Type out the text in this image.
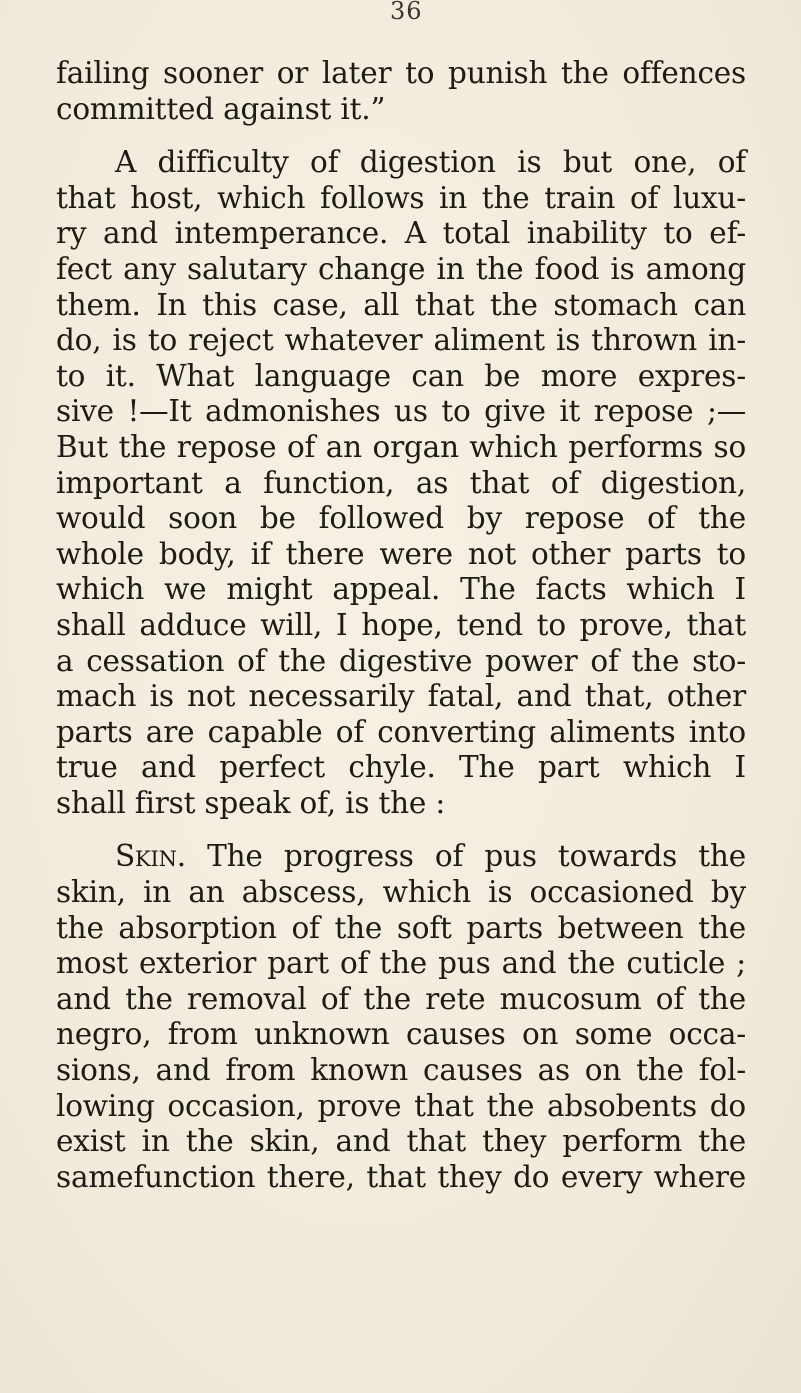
36
failing sooner or later to punish the offences
committed against it.”
A difficulty of digestion is but one, of
that host, which follows in the train of luxu-
ry and intemperance. A total inability to ef-
fect any salutary change in the food is among
them. In this case, all that the stomach can
do, is to reject whatever aliment is thrown in-
to it. What language can be more expres-
sive !—It admonishes us to give it repose ;—
But the repose of an organ which performs so
important a function, as that of digestion,
would soon be followed by repose of the
whole body, if there were not other parts to
which we might appeal. The facts which I
shall adduce will, I hope, tend to prove, that
a cessation of the digestive power of the sto-
mach is not necessarily fatal, and that, other
parts are capable of converting aliments into
true and perfect chyle. The part which I
shall first speak of, is the :
Skin. The progress of pus towards the
skin, in an abscess, which is occasioned by
the absorption of the soft parts between the
most exterior part of the pus and the cuticle ;
and the removal of the rete mucosum of the
negro, from unknown causes on some occa-
sions, and from known causes as on the fol-
lowing occasion, prove that the absobents do
exist in the skin, and that they perform the
samefunction there, that they do every where
